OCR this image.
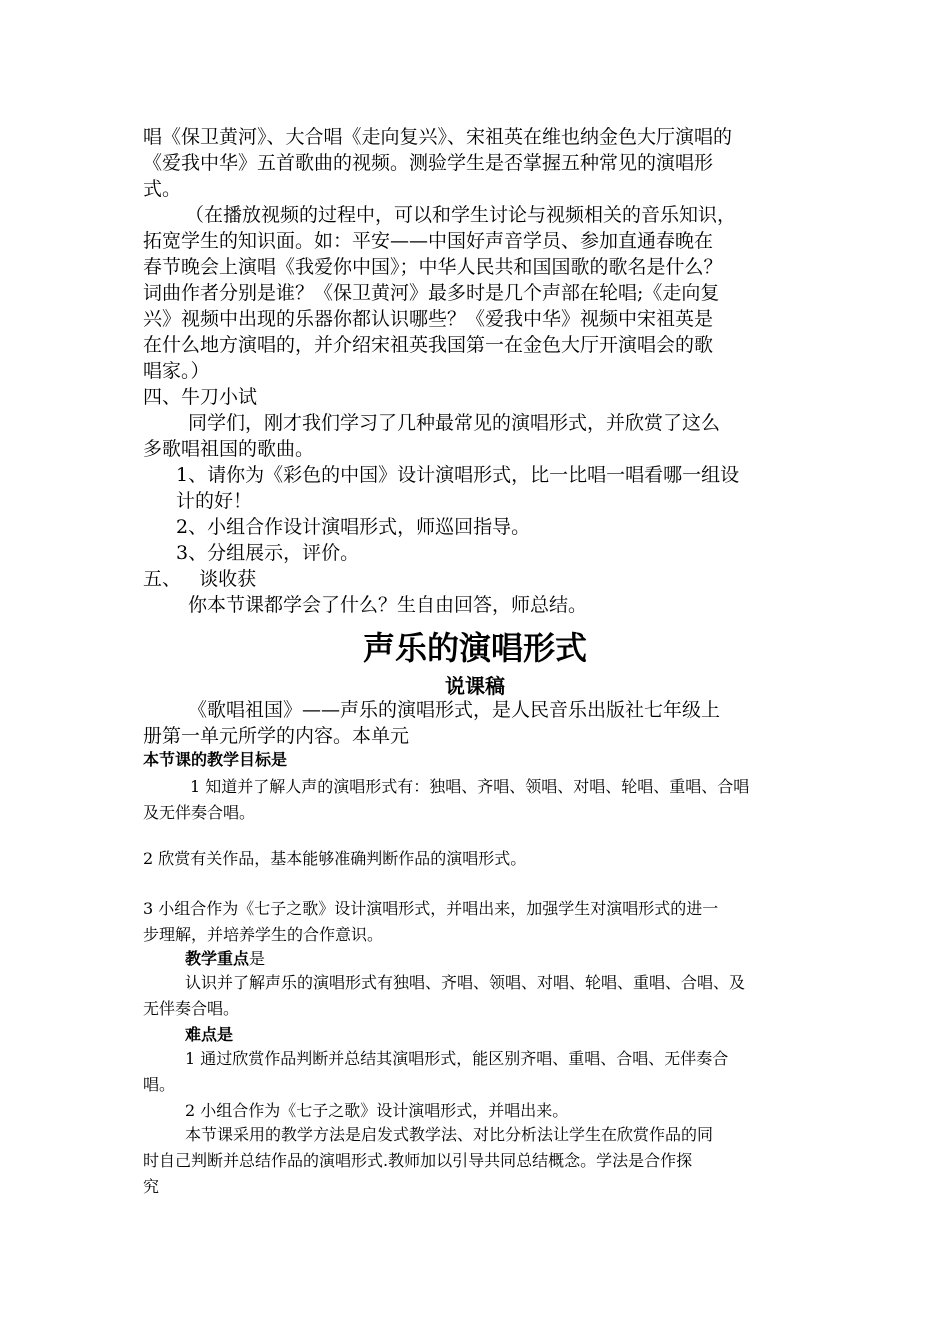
唱《保卫黄河》、大合唱《走向复兴》、宋祖英在维也纳金色大厅演唱的
《爱我中华》五首歌曲的视频。测验学生是否掌握五种常见的演唱形
式。
（在播放视频的过程中，可以和学生讨论与视频相关的音乐知识，
拓宽学生的知识面。如：平安——中国好声音学员、参加直通春晚在
春节晚会上演唱《我爱你中国》；中华人民共和国国歌的歌名是什么？
词曲作者分别是谁？《保卫黄河》最多时是几个声部在轮唱;《走向复
兴》视频中出现的乐器你都认识哪些？《爱我中华》视频中宋祖英是
在什么地方演唱的，并介绍宋祖英我国第一在金色大厅开演唱会的歌
唱家。）
四、牛刀小试
同学们，刚才我们学习了几种最常见的演唱形式，并欣赏了这么
多歌唱祖国的歌曲。
1、请你为《彩色的中国》设计演唱形式，比一比唱一唱看哪一组设
计的好！
2、小组合作设计演唱形式，师巡回指导。
3、分组展示，评价。
五、   谈收获
你本节课都学会了什么？生自由回答，师总结。
声乐的演唱形式
说课稿
《歌唱祖国》——声乐的演唱形式，是人民音乐出版社七年级上
册第一单元所学的内容。本单元
本节课的教学目标是
1 知道并了解人声的演唱形式有：独唱、齐唱、领唱、对唱、轮唱、重唱、合唱
及无伴奏合唱。
2 欣赏有关作品，基本能够准确判断作品的演唱形式。
3 小组合作为《七子之歌》设计演唱形式，并唱出来，加强学生对演唱形式的进一
步理解，并培养学生的合作意识。
教学重点是
认识并了解声乐的演唱形式有独唱、齐唱、领唱、对唱、轮唱、重唱、合唱、及
无伴奏合唱。
难点是
1 通过欣赏作品判断并总结其演唱形式，能区别齐唱、重唱、合唱、无伴奏合
唱。
2 小组合作为《七子之歌》设计演唱形式，并唱出来。
本节课采用的教学方法是启发式教学法、对比分析法让学生在欣赏作品的同
时自己判断并总结作品的演唱形式.教师加以引导共同总结概念。学法是合作探
究
